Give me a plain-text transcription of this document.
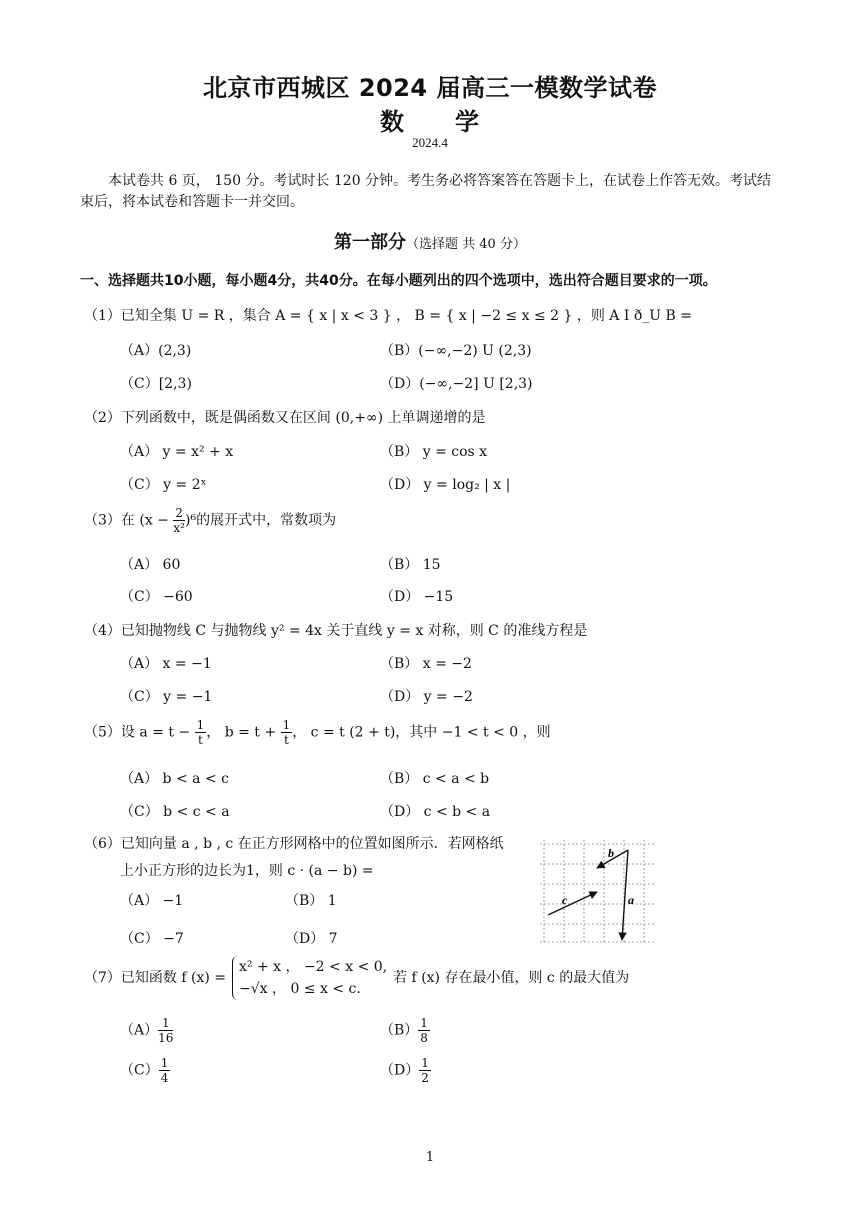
北京市西城区 2024 届高三一模数学试卷
数　　学
2024.4
本试卷共 6 页， 150 分。考试时长 120 分钟。考生务必将答案答在答题卡上，在试卷上作答无效。考试结束后，将本试卷和答题卡一并交回。
第一部分（选择题 共 40 分）
一、选择题共10小题，每小题4分，共40分。在每小题列出的四个选项中，选出符合题目要求的一项。
（1）已知全集 U = R ，集合 A = { x | x < 3 } ， B = { x | −2 ≤ x ≤ 2 } ，则 A I ð_U B =
（A）(2,3)	（B）(−∞,−2) U (2,3)
（C）[2,3)	（D）(−∞,−2] U [2,3)
（2）下列函数中，既是偶函数又在区间 (0,+∞) 上单调递增的是
（A） y = x² + x	（B） y = cos x
（C） y = 2ˣ	（D） y = log₂ | x |
（3）在 $(x - \frac{2}{\text{x²}} )^6$的展开式中，常数项为
（A） 60	（B） 15
（C） −60	（D） −15
（4）已知抛物线 C 与抛物线 y² = 4x 关于直线 y = x 对称，则 C 的准线方程是
（A） x = −1	（B） x = −2
（C） y = −1	（D） y = −2
（5）设 $a = t - \frac{1}{t}$ ， $b = t + \frac{1}{t}$ ， c = t (2 + t)，其中 −1 < t < 0 ，则
（A） b < a < c	（B） c < a < b
（C） b < c < a	（D） c < b < a
（6）已知向量 a , b , c 在正方形网格中的位置如图所示．若网格纸
上小正方形的边长为1，则 c · (a − b) =
（A） −1	（B） 1
（C） −7	（D） 7
b
c	a
（7）已知函数 f (x) =
x² + x ， −2 < x < 0,
−√x ， 0 ≤ x < c.
若 f (x) 存在最小值，则 c 的最大值为
$(A) \frac{1}{16}$	$(B) \frac{1}{8}$
$(C) \frac{1}{4}$	$(D) \frac{1}{2}$
1
